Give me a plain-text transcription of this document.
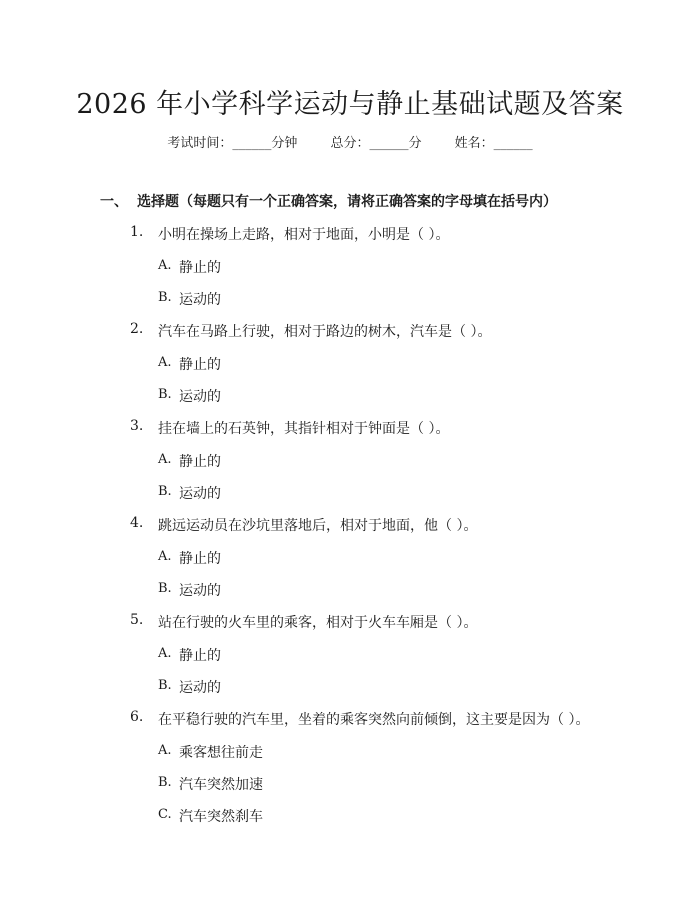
2026 年小学科学运动与静止基础试题及答案
考试时间：______分钟	总分：______分	姓名：______
一、 选择题（每题只有一个正确答案，请将正确答案的字母填在括号内）
1. 小明在操场上走路，相对于地面，小明是（ ）。
A. 静止的
B. 运动的
2. 汽车在马路上行驶，相对于路边的树木，汽车是（ ）。
A. 静止的
B. 运动的
3. 挂在墙上的石英钟，其指针相对于钟面是（ ）。
A. 静止的
B. 运动的
4. 跳远运动员在沙坑里落地后，相对于地面，他（ ）。
A. 静止的
B. 运动的
5. 站在行驶的火车里的乘客，相对于火车车厢是（ ）。
A. 静止的
B. 运动的
6. 在平稳行驶的汽车里，坐着的乘客突然向前倾倒，这主要是因为（ ）。
A. 乘客想往前走
B. 汽车突然加速
C. 汽车突然刹车
